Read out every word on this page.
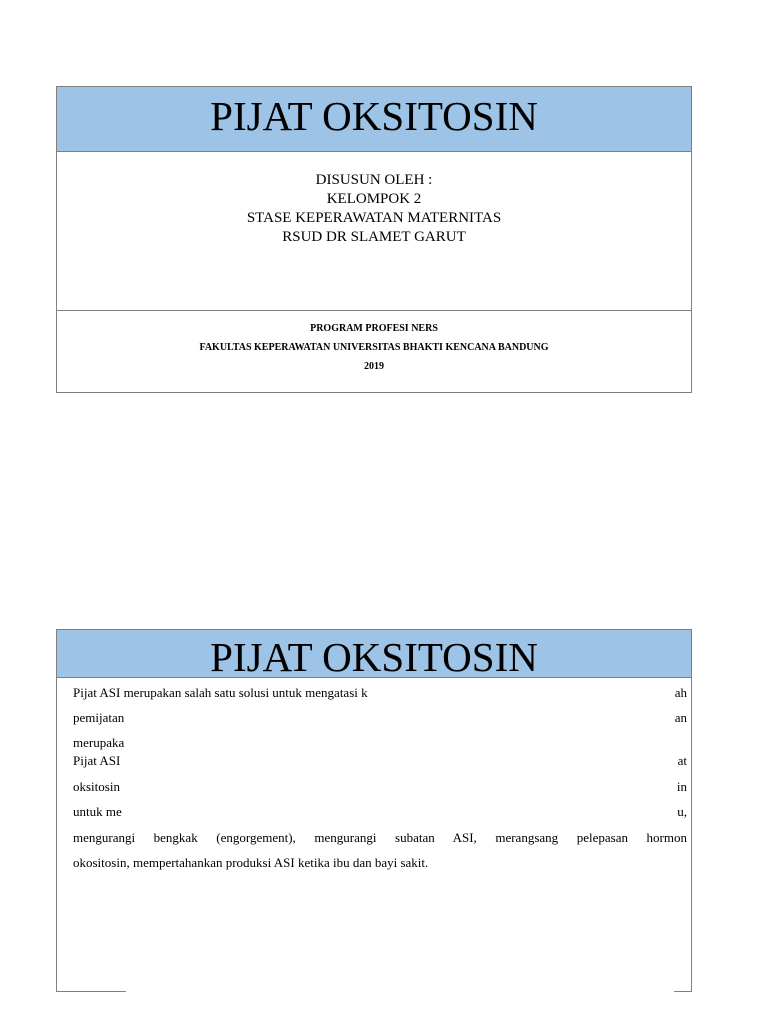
PIJAT OKSITOSIN
DISUSUN OLEH :
KELOMPOK 2
STASE KEPERAWATAN MATERNITAS
RSUD DR SLAMET GARUT
PROGRAM PROFESI NERS
FAKULTAS KEPERAWATAN UNIVERSITAS BHAKTI KENCANA BANDUNG
2019
PIJAT OKSITOSIN
Pijat ASI merupakan salah satu solusi untuk mengatasi k	ah
pemijatan	an
merupaka
Pijat ASI	at
oksitosin	in
untuk me	u,
mengurangi bengkak (engorgement), mengurangi subatan ASI, merangsang pelepasan hormon
okositosin, mempertahankan produksi ASI ketika ibu dan bayi sakit.
